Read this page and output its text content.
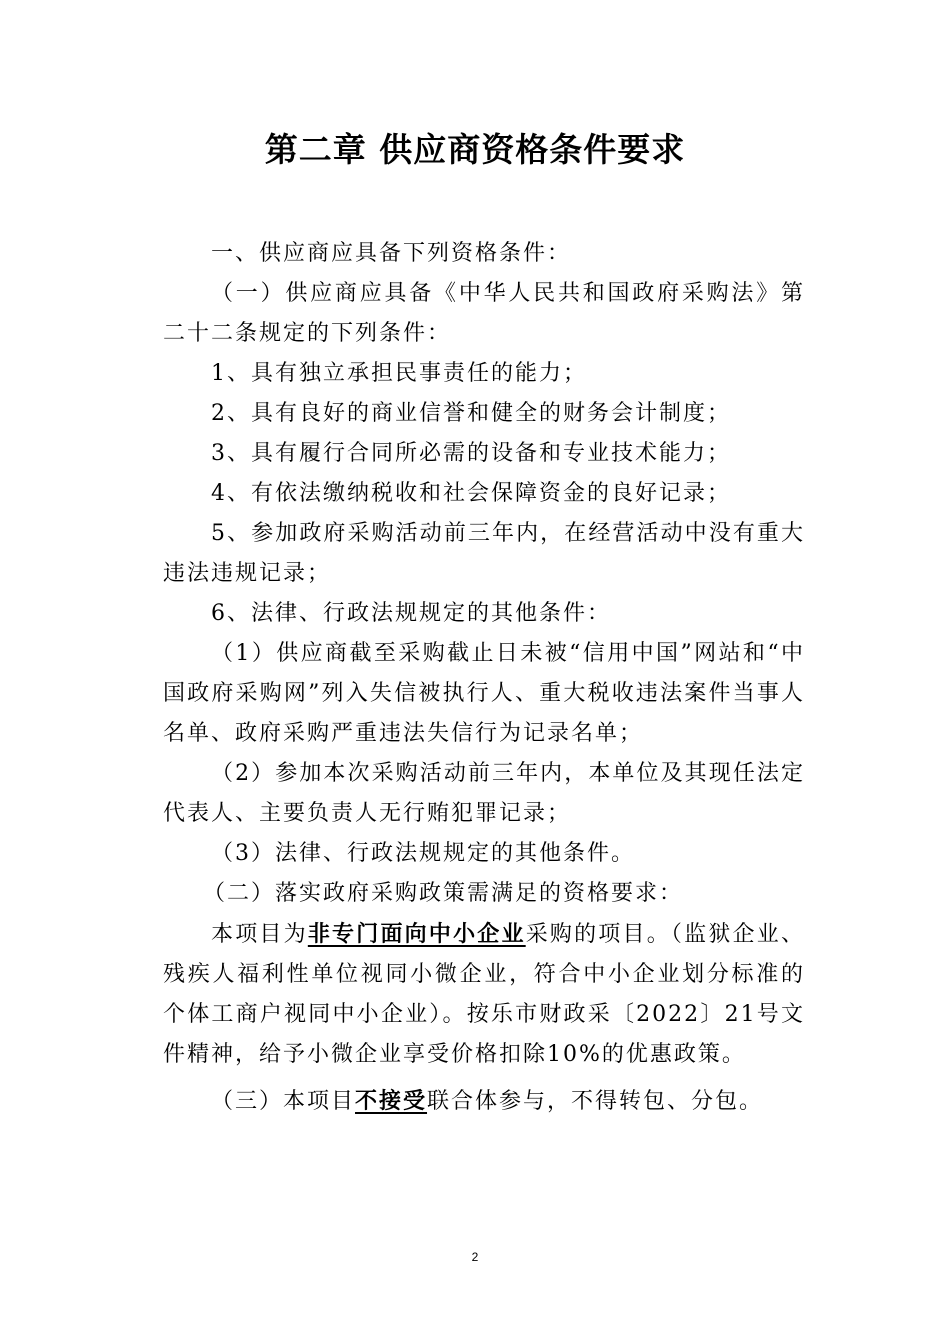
第二章 供应商资格条件要求

一、供应商应具备下列资格条件：

（一）供应商应具备《中华人民共和国政府采购法》第二十二条规定的下列条件：

1、具有独立承担民事责任的能力；

2、具有良好的商业信誉和健全的财务会计制度；

3、具有履行合同所必需的设备和专业技术能力；

4、有依法缴纳税收和社会保障资金的良好记录；

5、参加政府采购活动前三年内，在经营活动中没有重大违法违规记录；

6、法律、行政法规规定的其他条件：

（1）供应商截至采购截止日未被“信用中国”网站和“中国政府采购网”列入失信被执行人、重大税收违法案件当事人名单、政府采购严重违法失信行为记录名单；

（2）参加本次采购活动前三年内，本单位及其现任法定代表人、主要负责人无行贿犯罪记录；

（3）法律、行政法规规定的其他条件。

（二）落实政府采购政策需满足的资格要求：

本项目为非专门面向中小企业采购的项目。（监狱企业、残疾人福利性单位视同小微企业，符合中小企业划分标准的个体工商户视同中小企业）。按乐市财政采〔2022〕21号文件精神，给予小微企业享受价格扣除10%的优惠政策。

（三）本项目不接受联合体参与，不得转包、分包。

2
